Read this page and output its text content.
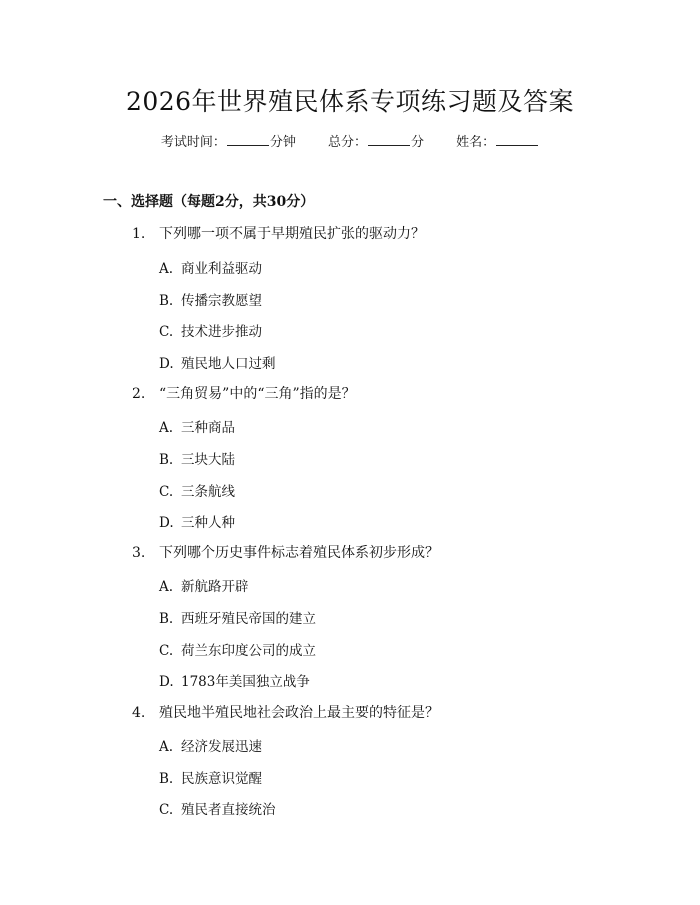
2026年世界殖民体系专项练习题及答案
考试时间：	分钟 总分：	分 姓名：
一、选择题（每题2分，共30分）
1. 下列哪一项不属于早期殖民扩张的驱动力？
A. 商业利益驱动
B. 传播宗教愿望
C. 技术进步推动
D. 殖民地人口过剩
2. “三角贸易”中的“三角”指的是？
A. 三种商品
B. 三块大陆
C. 三条航线
D. 三种人种
3. 下列哪个历史事件标志着殖民体系初步形成？
A. 新航路开辟
B. 西班牙殖民帝国的建立
C. 荷兰东印度公司的成立
D. 1783年美国独立战争
4. 殖民地半殖民地社会政治上最主要的特征是？
A. 经济发展迅速
B. 民族意识觉醒
C. 殖民者直接统治
